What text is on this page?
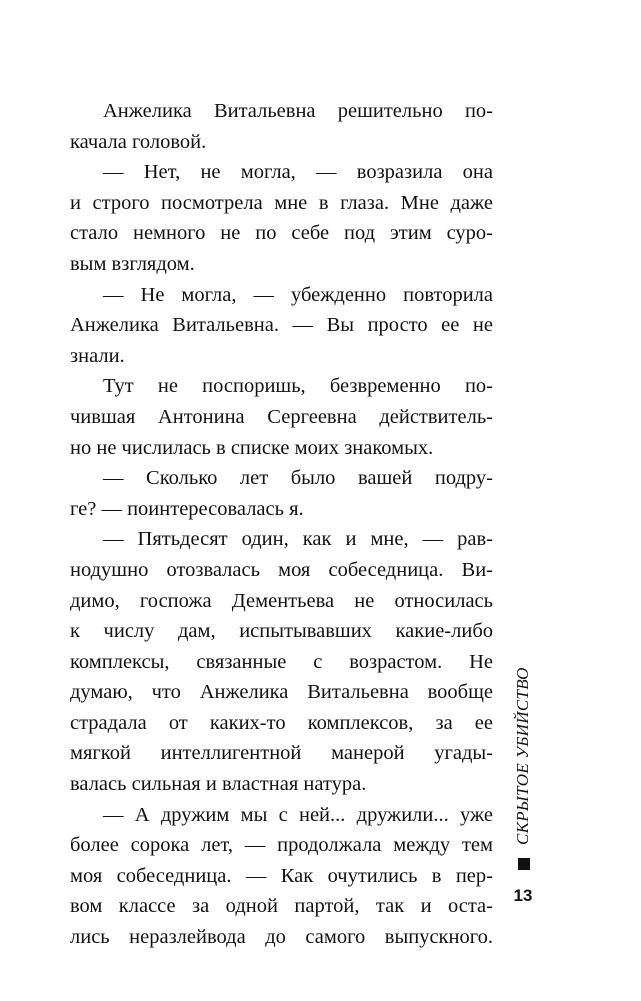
Анжелика Витальевна решительно по-
качала головой.
— Нет, не могла, — возразила она
и строго посмотрела мне в глаза. Мне даже
стало немного не по себе под этим суро-
вым взглядом.
— Не могла, — убежденно повторила
Анжелика Витальевна. — Вы просто ее не
знали.
Тут не поспоришь, безвременно по-
чившая Антонина Сергеевна действитель-
но не числилась в списке моих знакомых.
— Сколько лет было вашей подру-
ге? — поинтересовалась я.
— Пятьдесят один, как и мне, — рав-
нодушно отозвалась моя собеседница. Ви-
димо, госпожа Дементьева не относилась
к числу дам, испытывавших какие-либо
комплексы, связанные с возрастом. Не
думаю, что Анжелика Витальевна вообще
страдала от каких-то комплексов, за ее
мягкой интеллигентной манерой угады-
валась сильная и властная натура.
— А дружим мы с ней... дружили... уже
более сорока лет, — продолжала между тем
моя собеседница. — Как очутились в пер-
вом классе за одной партой, так и оста-
лись неразлейвода до самого выпускного.
СКРЫТОЕ УБИЙСТВО
13
